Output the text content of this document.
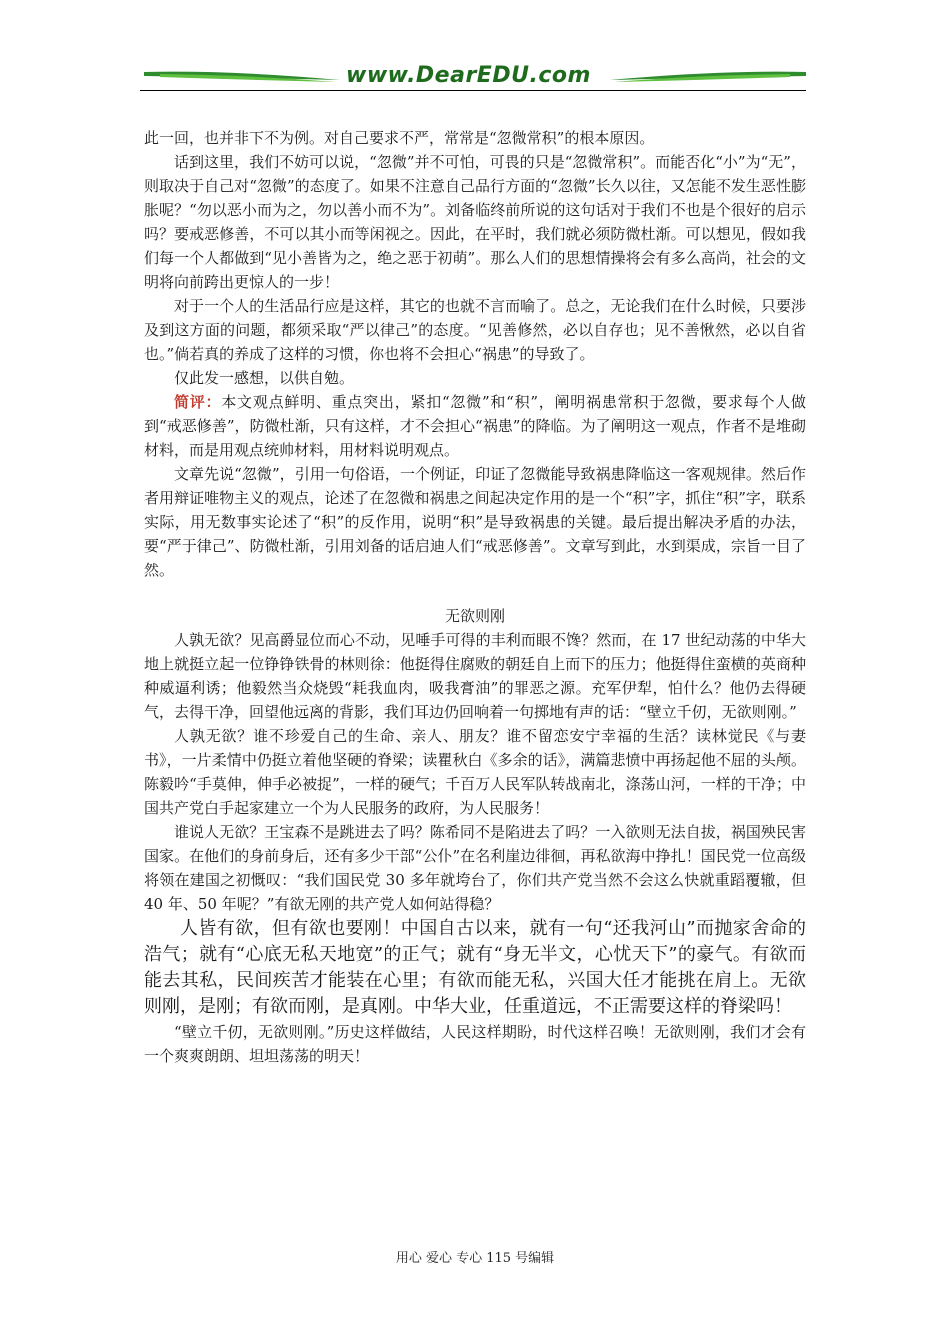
www.DearEDU.com

此一回，也并非下不为例。对自己要求不严，常常是“忽微常积”的根本原因。

话到这里，我们不妨可以说，“忽微”并不可怕，可畏的只是“忽微常积”。而能否化“小”为“无”，则取决于自己对“忽微”的态度了。如果不注意自己品行方面的“忽微”长久以往，又怎能不发生恶性膨胀呢？“勿以恶小而为之，勿以善小而不为”。刘备临终前所说的这句话对于我们不也是个很好的启示吗？要戒恶修善，不可以其小而等闲视之。因此，在平时，我们就必须防微杜渐。可以想见，假如我们每一个人都做到“见小善皆为之，绝之恶于初萌”。那么人们的思想情操将会有多么高尚，社会的文明将向前跨出更惊人的一步！

对于一个人的生活品行应是这样，其它的也就不言而喻了。总之，无论我们在什么时候，只要涉及到这方面的问题，都须采取“严以律己”的态度。“见善修然，必以自存也；见不善愀然，必以自省也。”倘若真的养成了这样的习惯，你也将不会担心“祸患”的导致了。

仅此发一感想，以供自勉。

简评：本文观点鲜明、重点突出，紧扣“忽微”和“积”，阐明祸患常积于忽微，要求每个人做到“戒恶修善”，防微杜渐，只有这样，才不会担心“祸患”的降临。为了阐明这一观点，作者不是堆砌材料，而是用观点统帅材料，用材料说明观点。

文章先说“忽微”，引用一句俗语，一个例证，印证了忽微能导致祸患降临这一客观规律。然后作者用辩证唯物主义的观点，论述了在忽微和祸患之间起决定作用的是一个“积”字，抓住“积”字，联系实际，用无数事实论述了“积”的反作用，说明“积”是导致祸患的关键。最后提出解决矛盾的办法，要“严于律己”、防微杜渐，引用刘备的话启迪人们“戒恶修善”。文章写到此，水到渠成，宗旨一目了然。

无欲则刚

人孰无欲？见高爵显位而心不动，见唾手可得的丰利而眼不馋？然而，在 17 世纪动荡的中华大地上就挺立起一位铮铮铁骨的林则徐：他挺得住腐败的朝廷自上而下的压力；他挺得住蛮横的英商种种威逼利诱；他毅然当众烧毁“耗我血肉，吸我膏油”的罪恶之源。充军伊犁，怕什么？他仍去得硬气，去得干净，回望他远离的背影，我们耳边仍回响着一句掷地有声的话：“壁立千仞，无欲则刚。”

人孰无欲？谁不珍爱自己的生命、亲人、朋友？谁不留恋安宁幸福的生活？读林觉民《与妻书》，一片柔情中仍挺立着他坚硬的脊梁；读瞿秋白《多余的话》，满篇悲愤中再扬起他不屈的头颅。陈毅吟“手莫伸，伸手必被捉”，一样的硬气；千百万人民军队转战南北，涤荡山河，一样的干净；中国共产党白手起家建立一个为人民服务的政府，为人民服务！

谁说人无欲？王宝森不是跳进去了吗？陈希同不是陷进去了吗？一入欲则无法自拔，祸国殃民害国家。在他们的身前身后，还有多少干部“公仆”在名利崖边徘徊，再私欲海中挣扎！国民党一位高级将领在建国之初慨叹：“我们国民党 30 多年就垮台了，你们共产党当然不会这么快就重蹈覆辙，但 40 年、50 年呢？”有欲无刚的共产党人如何站得稳？

人皆有欲，但有欲也要刚！中国自古以来，就有一句“还我河山”而抛家舍命的浩气；就有“心底无私天地宽”的正气；就有“身无半文，心忧天下”的豪气。有欲而能去其私，民间疾苦才能装在心里；有欲而能无私，兴国大任才能挑在肩上。无欲则刚，是刚；有欲而刚，是真刚。中华大业，任重道远，不正需要这样的脊梁吗！

“壁立千仞，无欲则刚。”历史这样做结，人民这样期盼，时代这样召唤！无欲则刚，我们才会有一个爽爽朗朗、坦坦荡荡的明天！

用心 爱心 专心 115 号编辑
